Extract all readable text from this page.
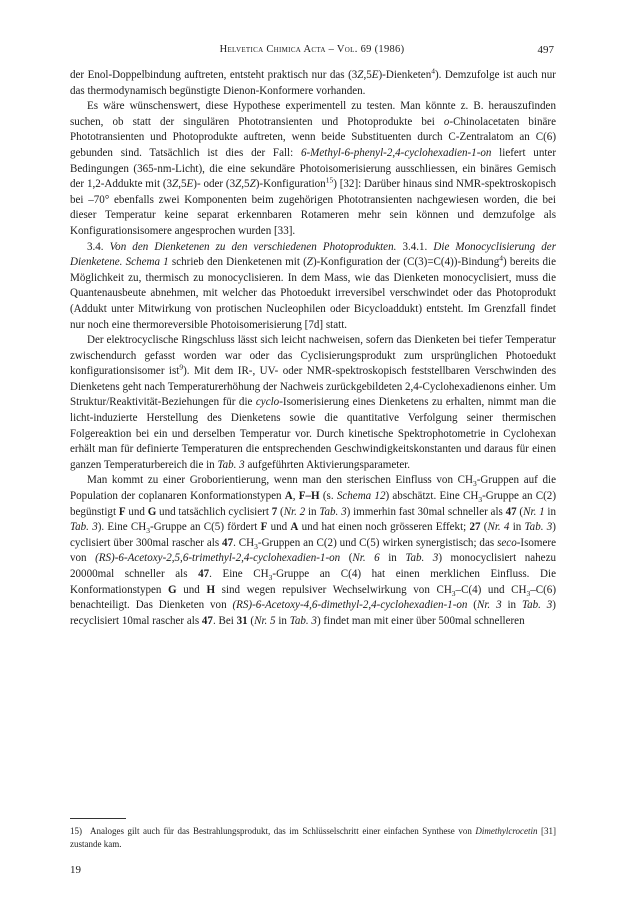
Helvetica Chimica Acta – Vol. 69 (1986)	497

der Enol-Doppelbindung auftreten, entsteht praktisch nur das (3Z,5E)-Dienketen$^4$). Demzufolge ist auch nur das thermodynamisch begünstigte Dienon-Konformere vorhanden.

Es wäre wünschenswert, diese Hypothese experimentell zu testen. Man könnte z. B. herauszufinden suchen, ob statt der singulären Phototransienten und Photoprodukte bei o-Chinolacetaten binäre Phototransienten und Photoprodukte auftreten, wenn beide Substituenten durch C-Zentralatom an C(6) gebunden sind. Tatsächlich ist dies der Fall: 6-Methyl-6-phenyl-2,4-cyclohexadien-1-on liefert unter Bedingungen (365-nm-Licht), die eine sekundäre Photoisomerisierung ausschliessen, ein binäres Gemisch der 1,2-Addukte mit (3Z,5E)- oder (3Z,5Z)-Konfiguration$^{15}$) [32]: Darüber hinaus sind NMR-spektroskopisch bei –70° ebenfalls zwei Komponenten beim zugehörigen Phototransienten nachgewiesen worden, die bei dieser Temperatur keine separat erkennbaren Rotameren mehr sein können und demzufolge als Konfigurationsisomere angesprochen wurden [33].

3.4. Von den Dienketenen zu den verschiedenen Photoprodukten. 3.4.1. Die Monocyclisierung der Dienketene. Schema 1 schrieb den Dienketenen mit (Z)-Konfiguration der (C(3)=C(4))-Bindung$^4$) bereits die Möglichkeit zu, thermisch zu monocyclisieren. In dem Mass, wie das Dienketen monocyclisiert, muss die Quantenausbeute abnehmen, mit welcher das Photoedukt irreversibel verschwindet oder das Photoprodukt (Addukt unter Mitwirkung von protischen Nucleophilen oder Bicycloaddukt) entsteht. Im Grenzfall findet nur noch eine thermoreversible Photoisomerisierung [7d] statt.

Der elektrocyclische Ringschluss lässt sich leicht nachweisen, sofern das Dienketen bei tiefer Temperatur zwischendurch gefasst worden war oder das Cyclisierungsprodukt zum ursprünglichen Photoedukt konfigurationsisomer ist$^9$). Mit dem IR-, UV- oder NMR-spektroskopisch feststellbaren Verschwinden des Dienketens geht nach Temperaturerhöhung der Nachweis zurückgebildeten 2,4-Cyclohexadienons einher. Um Struktur/Reaktivität-Beziehungen für die cyclo-Isomerisierung eines Dienketens zu erhalten, nimmt man die licht-induzierte Herstellung des Dienketens sowie die quantitative Verfolgung seiner thermischen Folgereaktion bei ein und derselben Temperatur vor. Durch kinetische Spektrophotometrie in Cyclohexan erhält man für definierte Temperaturen die entsprechenden Geschwindigkeitskonstanten und daraus für einen ganzen Temperaturbereich die in Tab. 3 aufgeführten Aktivierungsparameter.

Man kommt zu einer Groborientierung, wenn man den sterischen Einfluss von $CH_3$-Gruppen auf die Population der coplanaren Konformationstypen A, F–H (s. Schema 12) abschätzt. Eine $CH_3$-Gruppe an C(2) begünstigt F und G und tatsächlich cyclisiert 7 (Nr. 2 in Tab. 3) immerhin fast 30mal schneller als 47 (Nr. 1 in Tab. 3). Eine $CH_3$-Gruppe an C(5) fördert F und A und hat einen noch grösseren Effekt; 27 (Nr. 4 in Tab. 3) cyclisiert über 300mal rascher als 47. $CH_3$-Gruppen an C(2) und C(5) wirken synergistisch; das seco-Isomere von (RS)-6-Acetoxy-2,5,6-trimethyl-2,4-cyclohexadien-1-on (Nr. 6 in Tab. 3) monocyclisiert nahezu 20000mal schneller als 47. Eine $CH_3$-Gruppe an C(4) hat einen merklichen Einfluss. Die Konformationstypen G und H sind wegen repulsiver Wechselwirkung von $CH_3-C(4)$ und $CH_3-C(6)$ benachteiligt. Das Dienketen von (RS)-6-Acetoxy-4,6-dimethyl-2,4-cyclohexadien-1-on (Nr. 3 in Tab. 3) recyclisiert 10mal rascher als 47. Bei 31 (Nr. 5 in Tab. 3) findet man mit einer über 500mal schnelleren

15) Analoges gilt auch für das Bestrahlungsprodukt, das im Schlüsselschritt einer einfachen Synthese von Dimethylcrocetin [31] zustande kam.
19
